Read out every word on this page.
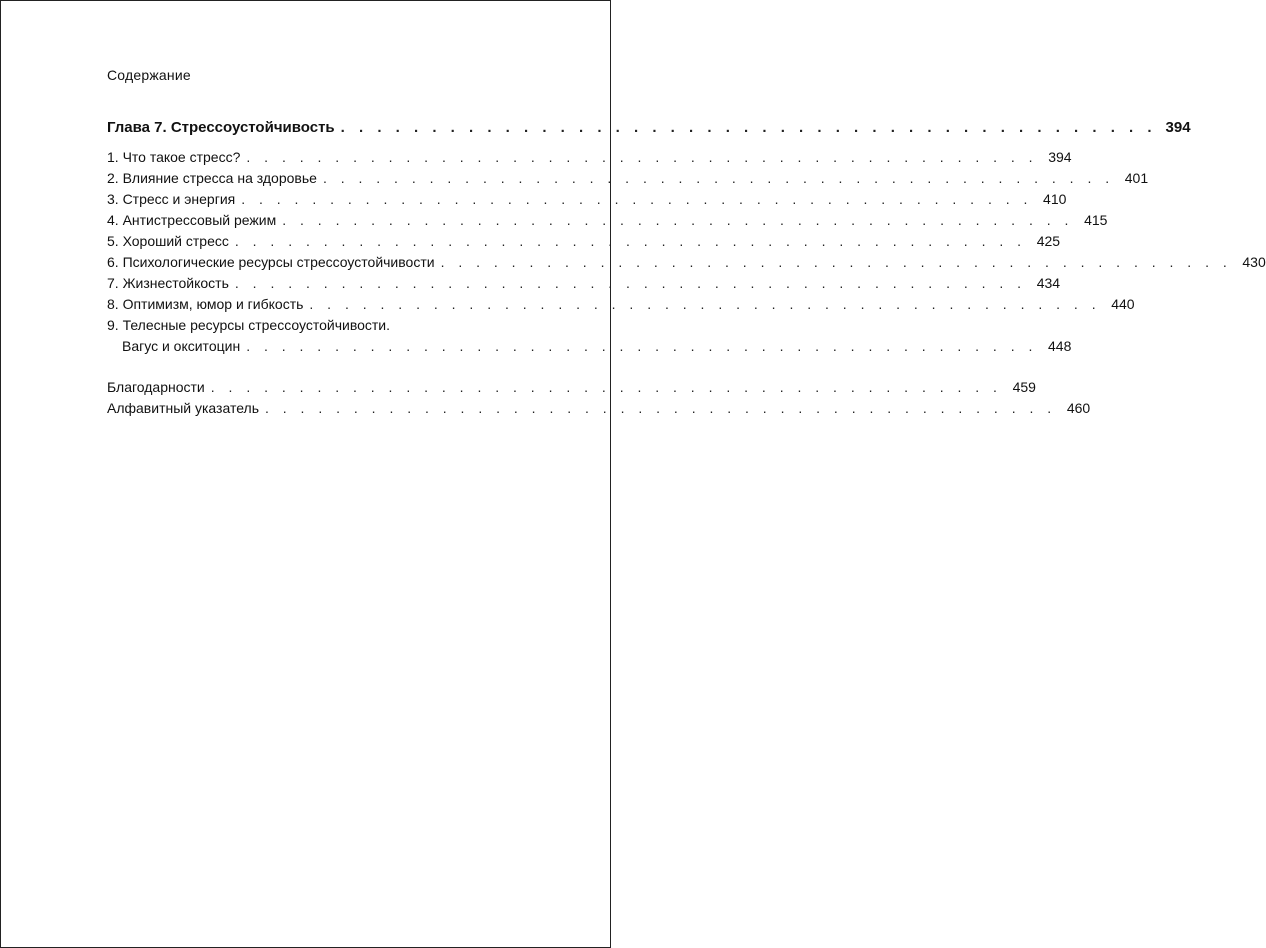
Содержание
Глава 7. Стрессоустойчивость . . . . . . . . . . . . . . . . . . . . . . . . . . . . . . . . . . . . . . . . . . . . . 394
1. Что такое стресс? . . . . . . . . . . . . . . . . . . . . . . . . . . . . . . . . . . . . . . . . . . . . . 394
2. Влияние стресса на здоровье . . . . . . . . . . . . . . . . . . . . . . . . . . . . . . . . . . . . . . . . . . . . . 401
3. Стресс и энергия . . . . . . . . . . . . . . . . . . . . . . . . . . . . . . . . . . . . . . . . . . . . . 410
4. Антистрессовый режим . . . . . . . . . . . . . . . . . . . . . . . . . . . . . . . . . . . . . . . . . . . . . 415
5. Хороший стресс . . . . . . . . . . . . . . . . . . . . . . . . . . . . . . . . . . . . . . . . . . . . . 425
6. Психологические ресурсы стрессоустойчивости . . . . . . . . . . . . . . . . . . . . . . . . . . . . . . . . . . . . . . . . . . . . . 430
7. Жизнестойкость . . . . . . . . . . . . . . . . . . . . . . . . . . . . . . . . . . . . . . . . . . . . . 434
8. Оптимизм, юмор и гибкость . . . . . . . . . . . . . . . . . . . . . . . . . . . . . . . . . . . . . . . . . . . . . 440
9. Телесные ресурсы стрессоустойчивости.
Вагус и окситоцин . . . . . . . . . . . . . . . . . . . . . . . . . . . . . . . . . . . . . . . . . . . . . 448
Благодарности . . . . . . . . . . . . . . . . . . . . . . . . . . . . . . . . . . . . . . . . . . . . . 459
Алфавитный указатель . . . . . . . . . . . . . . . . . . . . . . . . . . . . . . . . . . . . . . . . . . . . . 460
